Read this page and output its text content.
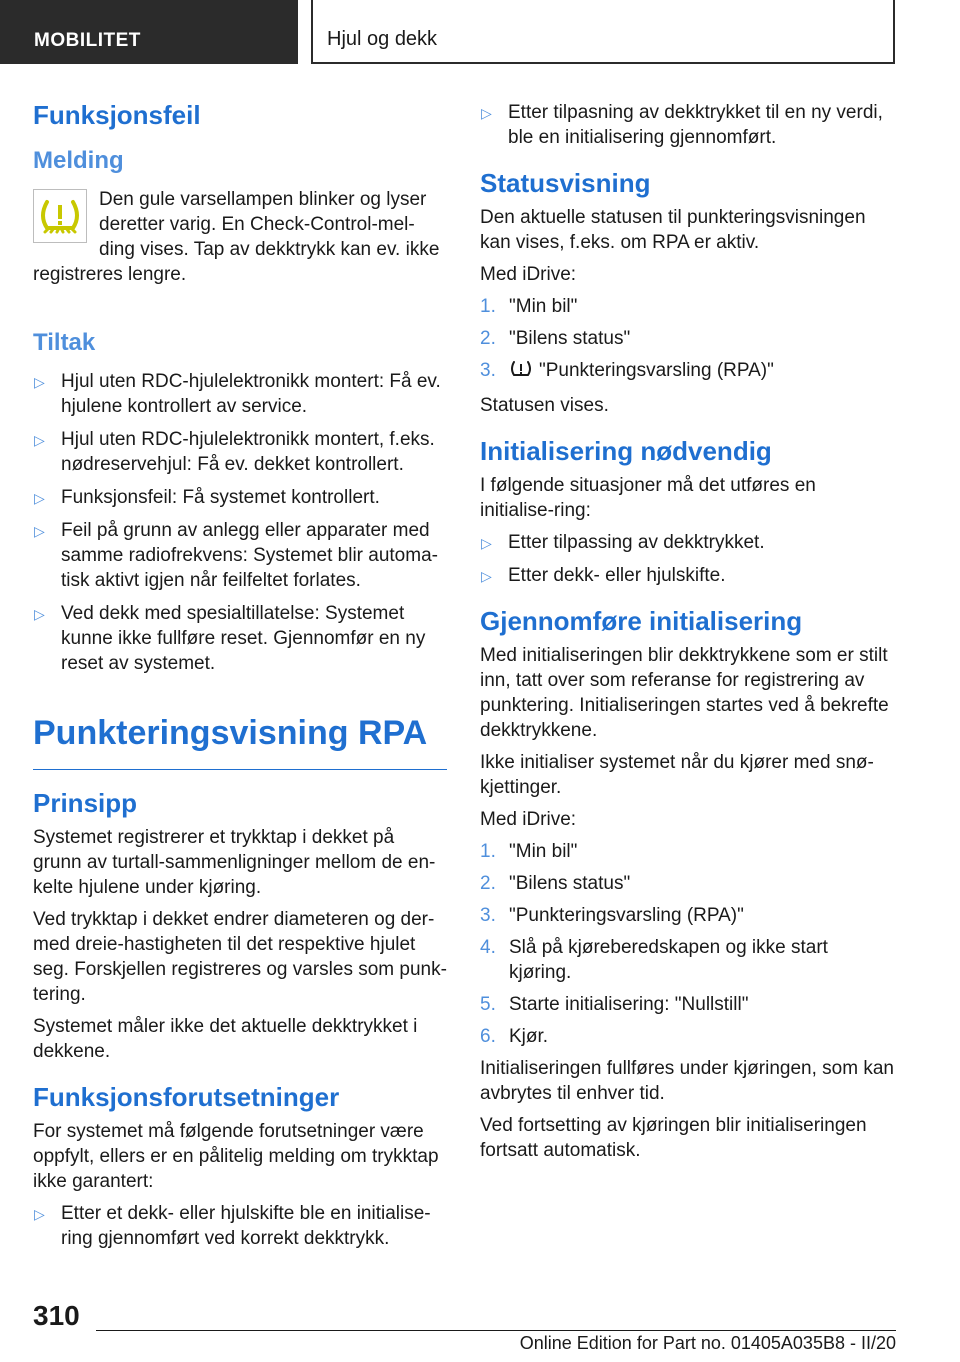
MOBILITET	Hjul og dekk
Funksjonsfeil
Melding

Den gule varsellampen blinker og lyser deretter varig. En Check-Control-mel-ding vises. Tap av dekktrykk kan ev. ikke registreres lengre.

Tiltak
▷ Hjul uten RDC-hjulelektronikk montert: Få ev. hjulene kontrollert av service.
▷ Hjul uten RDC-hjulelektronikk montert, f.eks. nødreservehjul: Få ev. dekket kontrollert.
▷ Funksjonsfeil: Få systemet kontrollert.
▷ Feil på grunn av anlegg eller apparater med samme radiofrekvens: Systemet blir automa-tisk aktivt igjen når feilfeltet forlates.
▷ Ved dekk med spesialtillatelse: Systemet kunne ikke fullføre reset. Gjennomfør en ny reset av systemet.
Punkteringsvisning RPA
Prinsipp

Systemet registrerer et trykktap i dekket på grunn av turtall-sammenligninger mellom de en-kelte hjulene under kjøring.

Ved trykktap i dekket endrer diameteren og der-med dreie-hastigheten til det respektive hjulet seg. Forskjellen registreres og varsles som punk-tering.

Systemet måler ikke det aktuelle dekktrykket i dekkene.

Funksjonsforutsetninger

For systemet må følgende forutsetninger være oppfylt, ellers er en pålitelig melding om trykktap ikke garantert:

▷ Etter et dekk- eller hjulskifte ble en initialise-ring gjennomført ved korrekt dekktrykk.
▷ Etter tilpasning av dekktrykket til en ny verdi, ble en initialisering gjennomført.
Statusvisning

Den aktuelle statusen til punkteringsvisningen kan vises, f.eks. om RPA er aktiv.

Med iDrive:

1. "Min bil"
2. "Bilens status"
3. "Punkteringsvarsling (RPA)"

Statusen vises.

Initialisering nødvendig

I følgende situasjoner må det utføres en initialise-ring:

▷ Etter tilpassing av dekktrykket.
▷ Etter dekk- eller hjulskifte.
Gjennomføre initialisering

Med initialiseringen blir dekktrykkene som er stilt inn, tatt over som referanse for registrering av punktering. Initialiseringen startes ved å bekrefte dekktrykkene.

Ikke initialiser systemet når du kjører med snø-kjettinger.

Med iDrive:

1. "Min bil"
2. "Bilens status"
3. "Punkteringsvarsling (RPA)"
4. Slå på kjøreberedskapen og ikke start kjøring.
5. Starte initialisering: "Nullstill"
6. Kjør.

Initialiseringen fullføres under kjøringen, som kan avbrytes til enhver tid.

Ved fortsetting av kjøringen blir initialiseringen fortsatt automatisk.

310
Online Edition for Part no. 01405A035B8 - II/20
